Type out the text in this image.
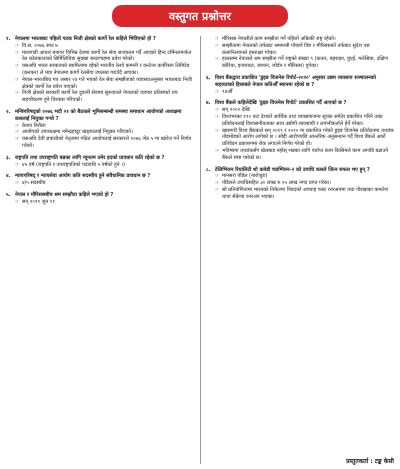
वस्तुगत प्रश्नोत्तर
१. नेपालमा भारतबाट पहिलो पटक निजी क्षेत्रको कार्गो रेल कहिले भित्रिएको हो ?
☞ वि.स. २०७६ साउ ७
☞ मालगाडी आधार बनाएर विभिन्न देशमा कार्गो रेल सेवा सञ्चालन गर्दै आएको हिन्द टर्मिनलमार्फत रेल कोलकाताको सिर्मिलियिडा सुक्खा बन्दरगाहमा प्रवेश गरेको।
☞ यसअघि भारत सरकारको स्वामित्वमा रहेको भारतीय रेलवे कम्पनी र कन्टेनर कर्पोरेसन लिमिटेड (कनकर) ले मात्र नेपालमा कार्गो रेलसेवा उपलब्ध गराउँदै आएका।
☞ नेपाल-भारतबिच गत असार २४ गते भएको रेल सेवा सम्झौताको व्यवस्थाअनुसार भारतबाट निजी क्षेत्रको कार्गो रेल प्रवेश पाएको।
☞ निजी क्षेत्रको सरकारी कार्गो रेल दुवानी सेवामा सुरुवातले नेपालको व्यापार प्रतिस्पर्धा थप सहजीकरण हुने विश्वास गरिएको।
२. मन्त्रिपरिषद्को २०७६ भदौ २१ को बैठकले भूमिसम्बन्धी समस्या समाधान आयोगको अध्यक्षमा कसलाई नियुक्त गऱ्यो ?
☞ केशव निरौला
☞ आयोगको उपाध्यक्षमा नमेन्द्रहादुर खड्कालाई नियुक्त गरिएको।
☞ यसअघि देवी ज्ञवालीको नेतृत्वमा गठित आयोगलाई सरकारले २०७६ जेठ ५ मा खारेज गर्ने निर्णय गरेको।
३. राष्ट्रपति तथा उपराष्ट्रपति बन्नका लागि न्यूनतम उमेर हदको प्रावधान कति रहेको छ ?
☞ ४५ वर्ष (राष्ट्रपति र उपराष्ट्रपतिको पदावधि ५ वर्षको हुने ।)
४. न्यायपरिषद् र न्यायसेवा आयोग कति सदस्यीय हुने संवैधानिक प्रावधान छ ?
☞ ४/५ सदस्यीय
५. नेपाल र मौरिससबीच श्रम सम्झौता कहिले भएको हो ?
☞ सन् २०१९ जुन ११
☞ मौरिसस नेपालीले काम सम्झौता गर्ने पहिलो अफ्रिकी राष्ट्र रहेको।
☞ सम्झौतामा नेपालको तर्फबाट श्रममन्त्री गोकर्ण विष्ट र मौरिससको तर्फबाट सुदेश एस कलानिल्यानले हस्ताक्षर गरेका।
☞ हालसम्म नेपालले श्रम सम्झौता गर्ने राष्ट्रको संख्या ९ (कतार, बहराइन, युएई, मलेसिया, दक्षिण कोरिया, इजरायल, जापान, जोर्डन र मौरिसस) पुगेका।
६. विश्व बैंकद्वारा प्रकाशित 'डुइङ विजनेस रिपोर्ट-२०२०' अनुसार उद्यम व्यवसाय सञ्चालनको सहजताको हिसाबले नेपाल कतिऔँ स्थानमा रहेको छ ?
☞ ९४औँ
७. विश्व बैंकले कहिलेदेखि 'डुइङ विजनेस रिपोर्ट' प्रकाशित गर्दै आएको छ ?
☞ सन् २००२ देखि
☞ विश्वभरका १९० वटा देशको आर्थिक तथा व्यवसायजन्य सूचक समेटेर प्रकाशित गरिने उक्त प्रतिवेदनलाई विश्वसनीयताका साथ उद्योगी-व्यवसायी र लगानीकर्ताले हेर्ने गरेका।
☞ खासगरी विश्व बैंककले सन् २०१९ र २०२० मा प्रकाशित गरेको डुइङ विजनेस प्रतिवेदनमा तथ्यांक तोडमोडको आरोप लागेको छ । सोही आरोपपछि आन्तरिक अनुसन्धान गर्दै विश्व बैंकले अर्को प्रतिवेदन प्रकाशनमा रोक लगाउने निर्णय गरेको हो।
☞ भविष्यमा तथ्यांकसँग खेलबाड नहोस् भन्नका लागि पर्याप्त काम किसिमले काम अगाडि बढाउने बैंकले स्पष्ट पारेको छ।
८. टेलिभिजन रियालिटी शो कमेडी च्याम्पियन-२ को उपाधि कसले जित्न सफल भए हुन् ?
☞ मानसरा पौडेल (नारोजुङ)
☞ पौडेलले उपाधिसहित ३० लाख रु २५ लाख नगद प्राप्त गरेका।
☞ सो प्रतियोगितामा भारतको निकेतमा विवदको अपवाह फस्ट रनरअपमा तथा गोरखाका कमलेश थापा सेकेण्ड रनरअप भएका।
प्रस्तुतकर्ता : टङ्क केसी
